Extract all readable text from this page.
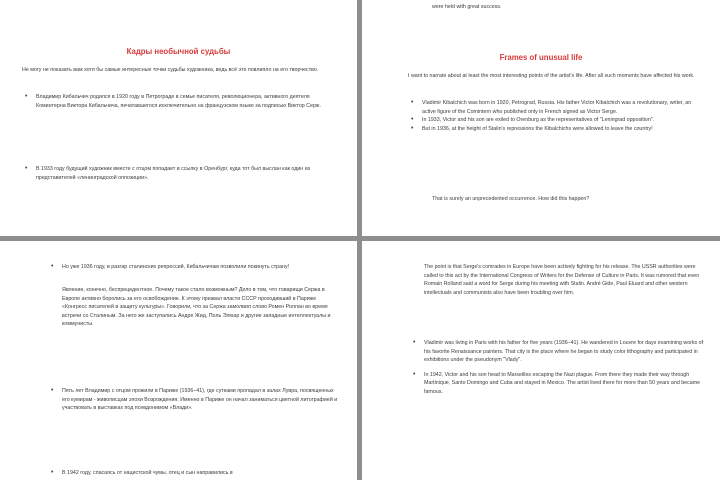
Кадры необычной судьбы

Не могу не показать вам хотя бы самые интересные точки судьбы художника, ведь всё это повлияло на его творчество.

• Владимир Кибальчич родился в 1920 году в Петрограде в семье писателя, революционера, активного деятеля Коминтерна Виктора Кибальчича, печатавшегося исключительно на французском языке за подписью Виктор Серж.
• В 1933 году будущий художник вместе с отцом попадает в ссылку в Оренбург, куда тот был выслан как один из представителей «ленинградской оппозиции».

were held with great success.

Frames of unusual life

I want to narrate about at least the most interesting points of the artist's life. After all such moments have affected his work.

• Vladimir Kibalchich was born in 1920, Petrograd, Russia. His father Victor Kibalchich was a revolutionary, writer, an active figure of the Comintern who published only in French signed as Victor Serge.
• In 1933, Victor and his son are exiled to Orenburg as the representatives of "Leningrad opposition".
• But in 1936, at the height of Stalin's repressions the Kibalchichs were allowed to leave the country!

That is surely an unprecedented occurrence. How did this happen?

• Но уже 1936 году, в разгар сталинских репрессий, Кибальчичам позволили покинуть страну!

Явление, конечно, беспрецедентное. Почему такое стало возможным? Дело в том, что товарищи Сержа в Европе активно боролись за его освобождение. К этому призвал власти СССР проходивший в Париже «Конгресс писателей в защиту культуры». Говорили, что за Сержа замолвил слово Ромен Роллан во время встречи со Сталиным. За него же заступались Андре Жид, Поль Элюар и другие западные интеллектуалы и коммунисты.

• Пять лет Владимир с отцом прожили в Париже (1936–41), где сутками пропадал в залах Лувра, посвященных его кумирам - живописцам эпохи Возрождения. Именно в Париже он начал заниматься цветной литографией и участвовать в выставках под псевдонимом «Влади».
• В 1942 году, спасаясь от нацистской чумы, отец и сын направились в

The point is that Serge's comrades in Europe have been actively fighting for his release. The USSR authorities were called to this act by the International Congress of Writers for the Defense of Culture in Paris. It was rumored that even Romain Rolland said a word for Serge during his meeting with Stalin. André Gide, Paul Eluard and other western intellectuals and communists also have been troubling over him.

• Vladimir was living in Paris with his father for five years (1936–41). He wandered in Louvre for days examining works of his favorite Renaissance painters. That city is the place where he began to study color lithography and participated in exhibitions under the pseudonym "Vlady".
• In 1942, Victor and his son head to Marseilles escaping the Nazi plague. From there they made their way through Martinique, Santo Domingo and Cuba and stayed in Mexico. The artist lived there for more than 50 years and became famous.
